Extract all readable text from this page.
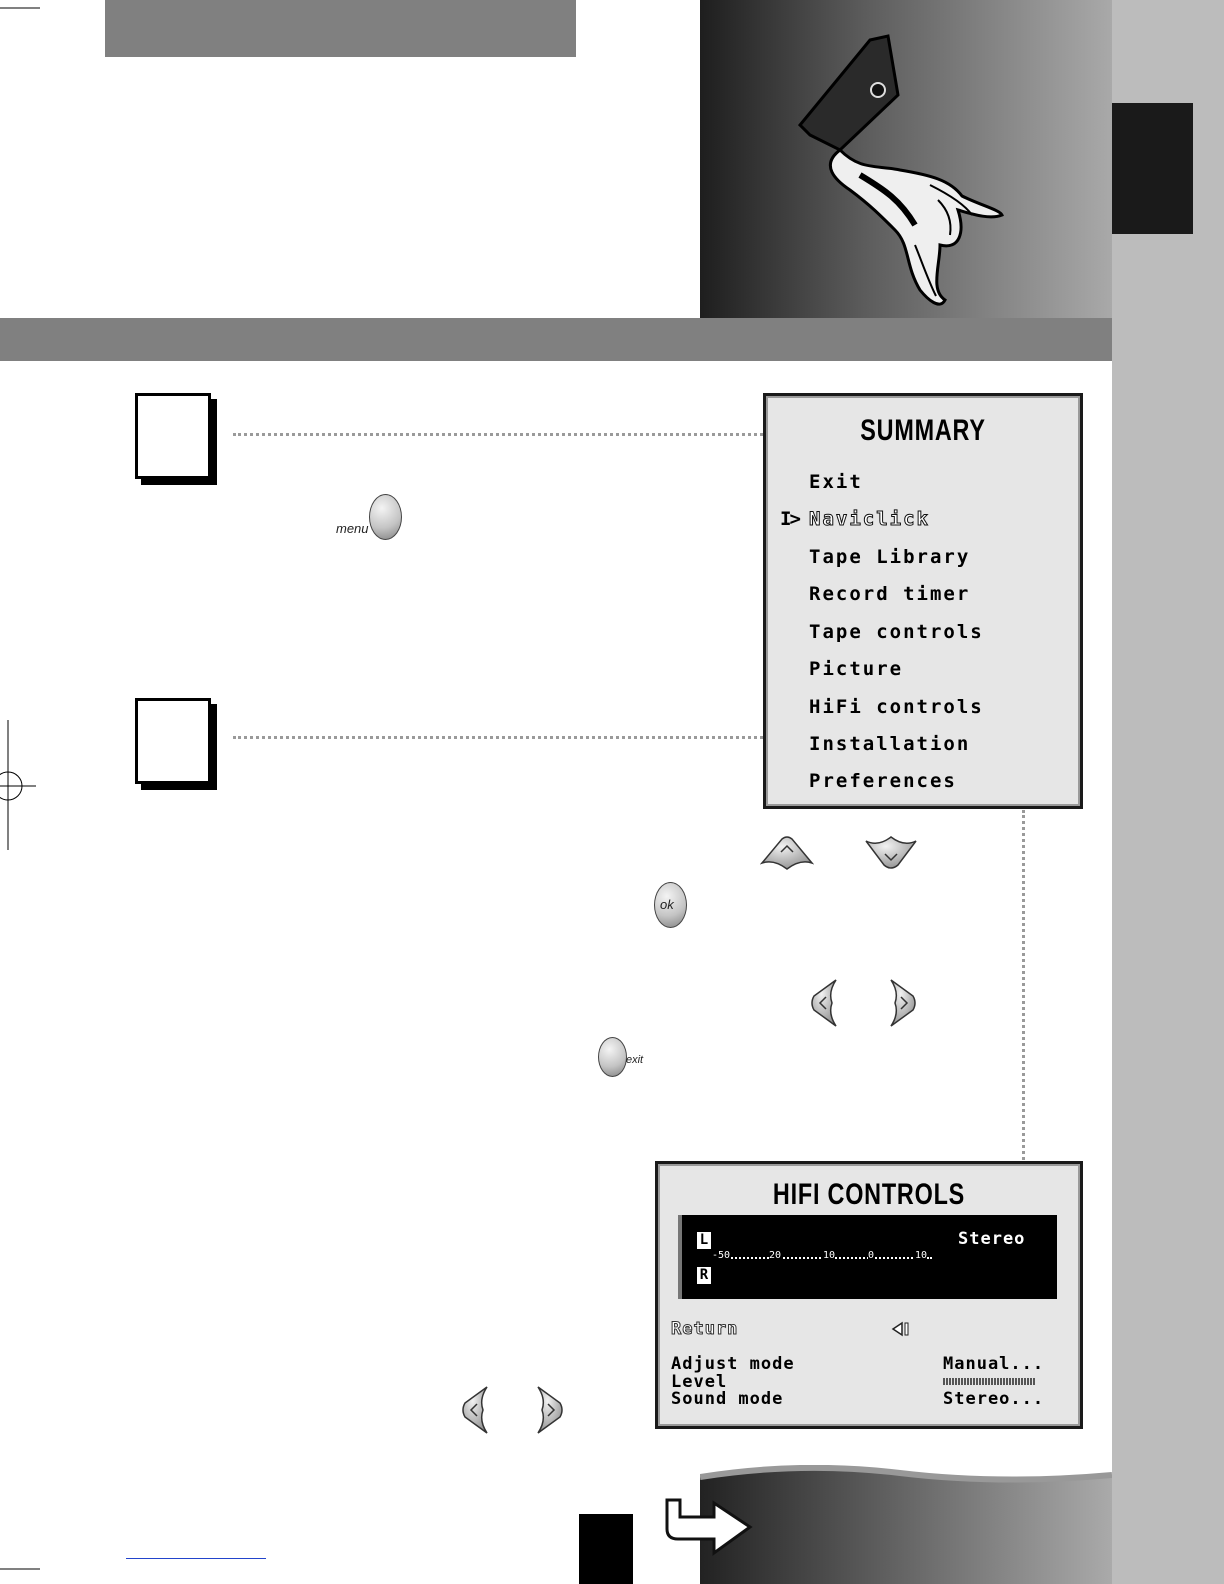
menu
SUMMARY
Exit
I> Naviclick
Tape Library
Record timer
Tape controls
Picture
HiFi controls
Installation
Preferences
ok
exit
HIFI CONTROLS
L
R
Stereo
-50	20	10	0	10
Return
Adjust mode	Manual...
Level
Sound mode	Stereo...
